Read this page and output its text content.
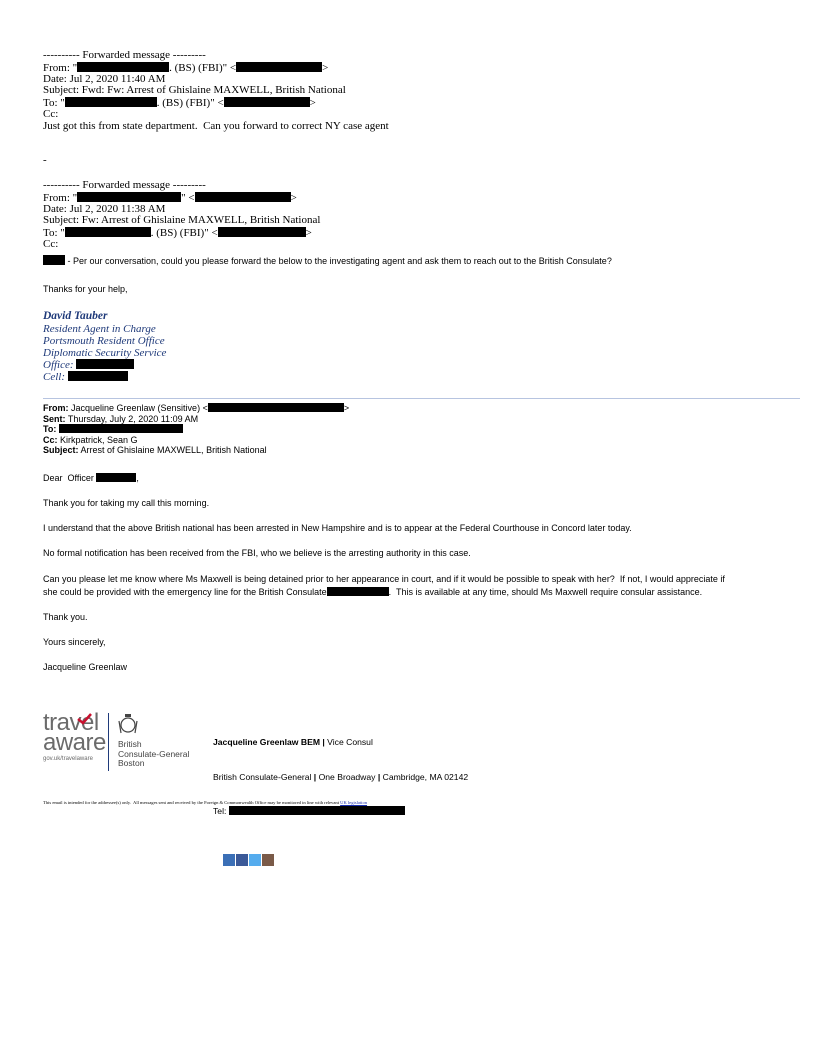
---------- Forwarded message ---------
From: "	. (BS) (FBI)" <	>
Date: Jul 2, 2020 11:40 AM
Subject: Fwd: Fw: Arrest of Ghislaine MAXWELL, British National
To: "	. (BS) (FBI)" <	>
Cc:
Just got this from state department.  Can you forward to correct NY case agent
-
---------- Forwarded message ---------
From: "	" <	>
Date: Jul 2, 2020 11:38 AM
Subject: Fw: Arrest of Ghislaine MAXWELL, British National
To: "	. (BS) (FBI)" <	>
Cc:
- Per our conversation, could you please forward the below to the investigating agent and ask them to reach out to the British Consulate?
Thanks for your help,
David Tauber
Resident Agent in Charge
Portsmouth Resident Office
Diplomatic Security Service
Office:
Cell:
From: Jacqueline Greenlaw (Sensitive) <	>
Sent: Thursday, July 2, 2020 11:09 AM
To:
Cc: Kirkpatrick, Sean G
Subject: Arrest of Ghislaine MAXWELL, British National
Dear  Officer	,
Thank you for taking my call this morning.
I understand that the above British national has been arrested in New Hampshire and is to appear at the Federal Courthouse in Concord later today.
No formal notification has been received from the FBI, who we believe is the arresting authority in this case.
Can you please let me know where Ms Maxwell is being detained prior to her appearance in court, and if it would be possible to speak with her?  If not, I would appreciate if
she could be provided with the emergency line for the British Consulate	.  This is available at any time, should Ms Maxwell require consular assistance.
Thank you.
Yours sincerely,
Jacqueline Greenlaw
travel
aware
gov.uk/travelaware
British
Consulate-General
Boston

Jacqueline Greenlaw BEM | Vice Consul

British Consulate-General | One Broadway | Cambridge, MA 02142

Tel:

This email is intended for the addressee(s) only.  All messages sent and received by the Foreign & Commonwealth Office may be monitored in line with relevant UK legislation
